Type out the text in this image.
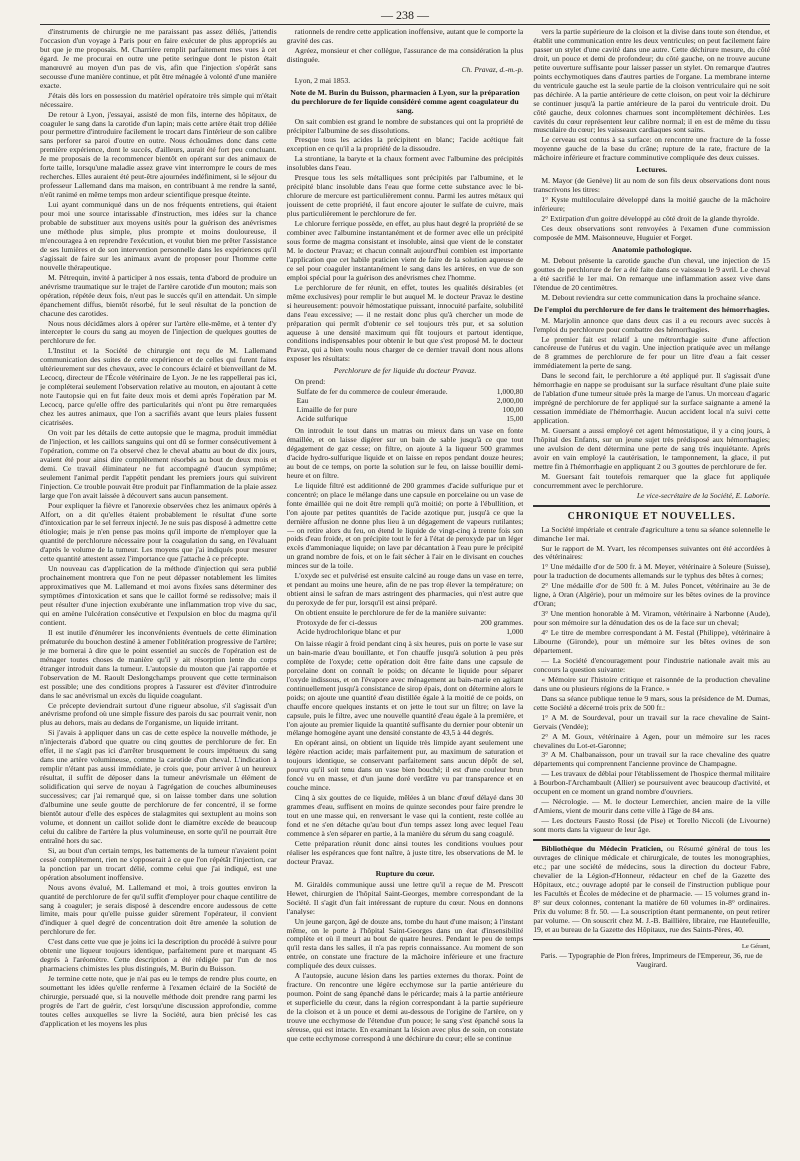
— 238 —

d'instruments de chirurgie ne me paraissant pas assez déliés, j'attendis l'occasion d'un voyage à Paris pour en faire exécuter de plus appropriés au but que je me proposais. M. Charrière remplit parfaitement mes vues à cet égard. Je me procurai en outre une petite seringue dont le piston était manœuvré au moyen d'un pas de vis, afin que l'injection s'opérât sans secousse d'une manière continue, et pût être ménagée à volonté d'une manière exacte.

J'étais dès lors en possession du matériel opératoire très simple qui m'était nécessaire.

De retour à Lyon, j'essayai, assisté de mon fils, interne des hôpitaux, de coaguler le sang dans la carotide d'un lapin; mais cette artère était trop déliée pour permettre d'introduire facilement le trocart dans l'intérieur de son calibre sans perforer sa paroi d'outre en outre. Nous échouâmes donc dans cette première expérience, dont le succès, d'ailleurs, aurait été fort peu concluant. Je me proposais de la recommencer bientôt en opérant sur des animaux de forte taille, lorsqu'une maladie assez grave vint interrompre le cours de mes recherches. Elles auraient été peut-être ajournées indéfiniment, si le séjour du professeur Lallemand dans ma maison, en contribuant à me rendre la santé, n'eût ranimé en même temps mon ardeur scientifique presque éteinte.

Lui ayant communiqué dans un de nos fréquents entretiens, qui étaient pour moi une source intarissable d'instruction, mes idées sur la chance probable de substituer aux moyens usités pour la guérison des anévrismes une méthode plus simple, plus prompte et moins douloureuse, il m'encouragea à en reprendre l'exécution, et voulut bien me prêter l'assistance de ses lumières et de son intervention personnelle dans les expériences qu'il s'agissait de faire sur les animaux avant de proposer pour l'homme cette nouvelle thérapeutique.

M. Pétrequin, invité à participer à nos essais, tenta d'abord de produire un anévrisme traumatique sur le trajet de l'artère carotide d'un mouton; mais son opération, répétée deux fois, n'eut pas le succès qu'il en attendait. Un simple épanchement diffus, bientôt résorbé, fut le seul résultat de la ponction de chacune des carotides.

Nous nous décidâmes alors à opérer sur l'artère elle-même, et à tenter d'y intercepter le cours du sang au moyen de l'injection de quelques gouttes de perchlorure de fer.

L'Institut et la Société de chirurgie ont reçu de M. Lallemand communication des suites de cette expérience et de celles qui furent faites ultérieurement sur des chevaux, avec le concours éclairé et bienveillant de M. Lecocq, directeur de l'École vétérinaire de Lyon. Je ne les rappellerai pas ici, je compléterai seulement l'observation relative au mouton, en ajoutant à cette note l'autopsie qui en fut faite deux mois et demi après l'opération par M. Lecocq, parce qu'elle offre des particularités qui n'ont pu être remarquées chez les autres animaux, que l'on a sacrifiés avant que leurs plaies fussent cicatrisées.

On voit par les détails de cette autopsie que le magma, produit immédiat de l'injection, et les caillots sanguins qui ont dû se former consécutivement à l'opération, comme on l'a observé chez le cheval abattu au bout de dix jours, avaient été pour ainsi dire complètement résorbés au bout de deux mois et demi. Ce travail éliminateur ne fut accompagné d'aucun symptôme; seulement l'animal perdit l'appétit pendant les premiers jours qui suivirent l'injection. Ce trouble pouvait être produit par l'inflammation de la plaie assez large que l'on avait laissée à découvert sans aucun pansement.

Pour expliquer la fièvre et l'anorexie observées chez les animaux opérés à Alfort, on a dit qu'elles étaient probablement le résultat d'une sorte d'intoxication par le sel ferreux injecté. Je ne suis pas disposé à admettre cette étiologie; mais je n'en pense pas moins qu'il importe de n'employer que la quantité de perchlorure nécessaire pour la coagulation du sang, en l'évaluant d'après le volume de la tumeur. Les moyens que j'ai indiqués pour mesurer cette quantité attestent assez l'importance que j'attache à ce précepte.

Un nouveau cas d'application de la méthode d'injection qui sera publié prochainement montrera que l'on ne peut dépasser notablement les limites approximatives que M. Lallemand et moi avons fixées sans déterminer des symptômes d'intoxication et sans que le caillot formé se redissolve; mais il peut résulter d'une injection exubérante une inflammation trop vive du sac, qui en amène l'ulcération consécutive et l'expulsion en bloc du magma qu'il contient.

Il est inutile d'énumérer les inconvénients éventuels de cette élimination prématurée du bouchon destiné à amener l'oblitération progressive de l'artère; je me bornerai à dire que le point essentiel au succès de l'opération est de ménager toutes choses de manière qu'il y ait résorption lente du corps étranger introduit dans la tumeur. L'autopsie du mouton que j'ai rapportée et l'observation de M. Raoult Deslongchamps prouvent que cette terminaison est possible; une des conditions propres à l'assurer est d'éviter d'introduire dans le sac anévrismal un excès du liquide coagulant.

Ce précepte deviendrait surtout d'une rigueur absolue, s'il s'agissait d'un anévrisme profond où une simple fissure des parois du sac pourrait venir, non plus au dehors, mais au dedans de l'organisme, un liquide irritant.

Si j'avais à appliquer dans un cas de cette espèce la nouvelle méthode, je n'injecterais d'abord que quatre ou cinq gouttes de perchlorure de fer. En effet, il ne s'agit pas ici d'arrêter brusquement le cours impétueux du sang dans une artère volumineuse, comme la carotide d'un cheval. L'indication à remplir n'étant pas aussi immédiate, je crois que, pour arriver à un heureux résultat, il suffit de déposer dans la tumeur anévrismale un élément de solidification qui serve de noyau à l'agrégation de couches albumineuses successives; car j'ai remarqué que, si on laisse tomber dans une solution d'albumine une seule goutte de perchlorure de fer concentré, il se forme bientôt autour d'elle des espèces de stalagmites qui sextuplent au moins son volume, et donnent un caillot solide dont le diamètre excède de beaucoup celui du calibre de l'artère la plus volumineuse, en sorte qu'il ne pourrait être entraîné hors du sac.

Si, au bout d'un certain temps, les battements de la tumeur n'avaient point cessé complètement, rien ne s'opposerait à ce que l'on répétât l'injection, car la ponction par un trocart délié, comme celui que j'ai indiqué, est une opération absolument inoffensive.

Nous avons évalué, M. Lallemand et moi, à trois gouttes environ la quantité de perchlorure de fer qu'il suffit d'employer pour chaque centilitre de sang à coaguler; je serais disposé à descendre encore audessous de cette limite, mais pour qu'elle puisse guider sûrement l'opérateur, il convient d'indiquer à quel degré de concentration doit être amenée la solution de perchlorure de fer.

C'est dans cette vue que je joins ici la description du procédé à suivre pour obtenir une liqueur toujours identique, parfaitement pure et marquant 45 degrés à l'aréomètre. Cette description a été rédigée par l'un de nos pharmaciens chimistes les plus distingués, M. Burin du Buisson.

Je termine cette note, que je n'ai pas eu le temps de rendre plus courte, en soumettant les idées qu'elle renferme à l'examen éclairé de la Société de chirurgie, persuadé que, si la nouvelle méthode doit prendre rang parmi les progrès de l'art de guérir, c'est lorsqu'une discussion approfondie, comme toutes celles auxquelles se livre la Société, aura bien précisé les cas d'application et les moyens les plus

rationnels de rendre cette application inoffensive, autant que le comporte la gravité des cas.

Agréez, monsieur et cher collègue, l'assurance de ma considération la plus distinguée.

Ch. Pravaz, d.-m.-p.

Lyon, 2 mai 1853.

Note de M. Burin du Buisson, pharmacien à Lyon, sur la préparation du perchlorure de fer liquide considéré comme agent coagulateur du sang.

On sait combien est grand le nombre de substances qui ont la propriété de précipiter l'albumine de ses dissolutions.

Presque tous les acides la précipitent en blanc; l'acide acétique fait exception en ce qu'il a la propriété de la dissoudre.

La strontiane, la baryte et la chaux forment avec l'albumine des précipités insolubles dans l'eau.

Presque tous les sels métalliques sont précipités par l'albumine, et le précipité blanc insoluble dans l'eau que forme cette substance avec le bi-chlorure de mercure est particulièrement connu. Parmi les autres métaux qui jouissent de cette propriété, il faut encore ajouter le sulfate de cuivre, mais plus particulièrement le perchlorure de fer.

Le chlorure ferrique possède, en effet, au plus haut degré la propriété de se combiner avec l'albumine instantanément et de former avec elle un précipité sous forme de magma consistant et insoluble, ainsi que vient de le constater M. le docteur Pravaz; et chacun connaît aujourd'hui combien est importante l'application que cet habile praticien vient de faire de la solution aqueuse de ce sel pour coaguler instantanément le sang dans les artères, en vue de son emploi spécial pour la guérison des anévrismes chez l'homme.

Le perchlorure de fer réunit, en effet, toutes les qualités désirables (et même exclusives) pour remplir le but auquel M. le docteur Pravaz le destine si heureusement: pouvoir hémostatique puissant, innocuité parfaite, solubilité dans l'eau excessive; — il ne restait donc plus qu'à chercher un mode de préparation qui permît d'obtenir ce sel toujours très pur, et sa solution aqueuse à une densité maximum qui fût toujours et partout identique, conditions indispensables pour obtenir le but que s'est proposé M. le docteur Pravaz, qui a bien voulu nous charger de ce dernier travail dont nous allons exposer les résultats:

Perchlorure de fer liquide du docteur Pravaz.

On prend:

Sulfate de fer du commerce de couleur émeraude.	1,000,80
Eau	2,000,00
Limaille de fer pure	100,00
Acide sulfurique	15,00

On introduit le tout dans un matras ou mieux dans un vase en fonte émaillée, et on laisse digérer sur un bain de sable jusqu'à ce que tout dégagement de gaz cesse; on filtre, on ajoute à la liqueur 500 grammes d'acide hydro-sulfurique liquide et on laisse en repos pendant douze heures; au bout de ce temps, on porte la solution sur le feu, on laisse bouillir demi-heure et on filtre.

Le liquide filtré est additionné de 200 grammes d'acide sulfurique pur et concentré; on place le mélange dans une capsule en porcelaine ou un vase de fonte émaillée qui ne doit être rempli qu'à moitié; on porte à l'ébullition, et l'on ajoute par petites quantités de l'acide azotique pur, jusqu'à ce que la dernière affusion ne donne plus lieu à un dégagement de vapeurs rutilantes; — on retire alors du feu, on étend le liquide de vingt-cinq à trente fois son poids d'eau froide, et on précipite tout le fer à l'état de peroxyde par un léger excès d'ammoniaque liquide; on lave par décantation à l'eau pure le précipité un grand nombre de fois, et on le fait sécher à l'air en le divisant en couches minces sur de la toile.

L'oxyde sec et pulvérisé est ensuite calciné au rouge dans un vase en terre, et pendant au moins une heure, afin de ne pas trop élever la température; on obtient ainsi le safran de mars astringent des pharmacies, qui n'est autre que du peroxyde de fer pur, lorsqu'il est ainsi préparé.

On obtient ensuite le perchlorure de fer de la manière suivante:

Protoxyde de fer ci-dessus	200 grammes.
Acide hydrochlorique blanc et pur	1,000

On laisse réagir à froid pendant cinq à six heures, puis on porte le vase sur un bain-marie d'eau bouillante, et l'on chauffe jusqu'à solution à peu près complète de l'oxyde; cette opération doit être faite dans une capsule de porcelaine dont on connaît le poids; on décante le liquide pour séparer l'oxyde indissous, et on l'évapore avec ménagement au bain-marie en agitant continuellement jusqu'à consistance de sirop épais, dont on détermine alors le poids; on ajoute une quantité d'eau distillée égale à la moitié de ce poids, on chauffe encore quelques instants et on jette le tout sur un filtre; on lave la capsule, puis le filtre, avec une nouvelle quantité d'eau égale à la première, et l'on ajoute au premier liquide la quantité suffisante du dernier pour obtenir un mélange homogène ayant une densité constante de 43,5 à 44 degrés.

En opérant ainsi, on obtient un liquide très limpide ayant seulement une légère réaction acide; mais parfaitement pur, au maximum de saturation et toujours identique, se conservant parfaitement sans aucun dépôt de sel, pourvu qu'il soit tenu dans un vase bien bouché; il est d'une couleur brun foncé vu en masse, et d'un jaune doré verdâtre vu par transparence et en couche mince.

Cinq à six gouttes de ce liquide, mêlées à un blanc d'œuf délayé dans 30 grammes d'eau, suffisent en moins de quinze secondes pour faire prendre le tout en une masse qui, en renversant le vase qui la contient, reste collée au fond et ne s'en détache qu'au bout d'un temps assez long avec lequel l'eau commence à s'en séparer en partie, à la manière du sérum du sang coagulé.

Cette préparation réunit donc ainsi toutes les conditions voulues pour réaliser les espérances que font naître, à juste titre, les observations de M. le docteur Pravaz.

Rupture du cœur.

M. Giraldès communique aussi une lettre qu'il a reçue de M. Prescott Hewet, chirurgien de l'hôpital Saint-Georges, membre correspondant de la Société. Il s'agit d'un fait intéressant de rupture du cœur. Nous en donnons l'analyse:

Un jeune garçon, âgé de douze ans, tombe du haut d'une maison; à l'instant même, on le porte à l'hôpital Saint-Georges dans un état d'insensibilité complète et où il meurt au bout de quatre heures. Pendant le peu de temps qu'il resta dans les salles, il n'a pas repris connaissance. Au moment de son entrée, on constate une fracture de la mâchoire inférieure et une fracture compliquée des deux cuisses.

A l'autopsie, aucune lésion dans les parties externes du thorax. Point de fracture. On rencontre une légère ecchymose sur la partie antérieure du poumon. Point de sang épanché dans le péricarde; mais à la partie antérieure et superficielle du cœur, dans la région correspondant à la partie supérieure de la cloison et à un pouce et demi au-dessous de l'origine de l'artère, on y trouve une ecchymose de l'étendue d'un pouce; le sang s'est épanché sous la séreuse, qui est intacte. En examinant la lésion avec plus de soin, on constate que cette ecchymose correspond à une déchirure du cœur; elle se continue

vers la partie supérieure de la cloison et la divise dans toute son étendue, et établit une communication entre les deux ventricules; on peut facilement faire passer un stylet d'une cavité dans une autre. Cette déchirure mesure, du côté droit, un pouce et demi de profondeur; du côté gauche, on ne trouve aucune petite ouverture suffisante pour laisser passer un stylet. On remarque d'autres points ecchymotiques dans d'autres parties de l'organe. La membrane interne du ventricule gauche est la seule partie de la cloison ventriculaire qui ne soit pas déchirée. A la partie antérieure de cette cloison, on peut voir la déchirure se continuer jusqu'à la partie antérieure de la paroi du ventricule droit. Du côté gauche, deux colonnes charnues sont incomplètement déchirées. Les cavités du cœur représentent leur calibre normal; il en est de même du tissu musculaire du cœur; les vaisseaux cardiaques sont sains.

Le cerveau est contus à sa surface: on rencontre une fracture de la fosse moyenne gauche de la base du crâne; rupture de la rate, fracture de la mâchoire inférieure et fracture comminutive compliquée des deux cuisses.

Lectures.

M. Mayor (de Genève) lit au nom de son fils deux observations dont nous transcrivons les titres:

1° Kyste multiloculaire développé dans la moitié gauche de la mâchoire inférieure;

2° Extirpation d'un goitre développé au côté droit de la glande thyroïde.

Ces deux observations sont renvoyées à l'examen d'une commission composée de MM. Maisonneuve, Huguier et Forget.

Anatomie pathologique.

M. Debout présente la carotide gauche d'un cheval, une injection de 15 gouttes de perchlorure de fer a été faite dans ce vaisseau le 9 avril. Le cheval a été sacrifié le 1er mai. On remarque une inflammation assez vive dans l'étendue de 20 centimètres.

M. Debout reviendra sur cette communication dans la prochaine séance.

De l'emploi du perchlorure de fer dans le traitement des hémorrhagies.

M. Marjolin annonce que dans deux cas il a eu recours avec succès à l'emploi du perchlorure pour combattre des hémorrhagies.

Le premier fait est relatif à une métrorrhagie suite d'une affection cancéreuse de l'utérus et du vagin. Une injection pratiquée avec un mélange de 8 grammes de perchlorure de fer pour un litre d'eau a fait cesser immédiatement la perte de sang.

Dans le second fait, le perchlorure a été appliqué pur. Il s'agissait d'une hémorrhagie en nappe se produisant sur la surface résultant d'une plaie suite de l'ablation d'une tumeur située près la marge de l'anus. Un morceau d'agaric imprégné de perchlorure de fer appliqué sur la surface saignante a amené la cessation immédiate de l'hémorrhagie. Aucun accident local n'a suivi cette application.

M. Guersant a aussi employé cet agent hémostatique, il y a cinq jours, à l'hôpital des Enfants, sur un jeune sujet très prédisposé aux hémorrhagies; une avulsion de dent détermina une perte de sang très inquiétante. Après avoir en vain employé la cautérisation, le tamponnement, la glace, il put mettre fin à l'hémorrhagie en appliquant 2 ou 3 gouttes de perchlorure de fer.

M. Guersant fait toutefois remarquer que la glace fut appliquée concurremment avec le perchlorure.

Le vice-secrétaire de la Société, E. Laborie.
CHRONIQUE ET NOUVELLES.

La Société impériale et centrale d'agriculture a tenu sa séance solennelle le dimanche 1er mai.

Sur le rapport de M. Yvart, les récompenses suivantes ont été accordées à des vétérinaires:

1° Une médaille d'or de 500 fr. à M. Meyer, vétérinaire à Soleure (Suisse), pour la traduction de documents allemands sur le typhus des bêtes à cornes;

2° Une médaille d'or de 500 fr. à M. Jules Poncet, vétérinaire au 3e de ligne, à Oran (Algérie), pour un mémoire sur les bêtes ovines de la province d'Oran;

3° Une mention honorable à M. Viramon, vétérinaire à Narbonne (Aude), pour son mémoire sur la dénudation des os de la face sur un cheval;

4° Le titre de membre correspondant à M. Festal (Philippe), vétérinaire à Libourne (Gironde), pour un mémoire sur les bêtes ovines de son département.

— La Société d'encouragement pour l'industrie nationale avait mis au concours la question suivante:

« Mémoire sur l'histoire critique et raisonnée de la production chevaline dans une ou plusieurs régions de la France. »

Dans sa séance publique tenue le 9 mars, sous la présidence de M. Dumas, cette Société a décerné trois prix de 500 fr.:

1° A M. de Sourdeval, pour un travail sur la race chevaline de Saint-Gervais (Vendée);

2° A M. Goux, vétérinaire à Agen, pour un mémoire sur les races chevalines du Lot-et-Garonne;

3° A M. Chalbanaisson, pour un travail sur la race chevaline des quatre départements qui comprennent l'ancienne province de Champagne.

— Les travaux de déblai pour l'établissement de l'hospice thermal militaire à Bourbon-l'Archambault (Allier) se poursuivent avec beaucoup d'activité, et occupent en ce moment un grand nombre d'ouvriers.

— Nécrologie. — M. le docteur Lemerchier, ancien maire de la ville d'Amiens, vient de mourir dans cette ville à l'âge de 84 ans.

— Les docteurs Fausto Rossi (de Pise) et Torello Niccoli (de Livourne) sont morts dans la vigueur de leur âge.

Bibliothèque du Médecin Praticien, ou Résumé général de tous les ouvrages de clinique médicale et chirurgicale, de toutes les monographies, etc.; par une société de médecins, sous la direction du docteur Fabre, chevalier de la Légion-d'Honneur, rédacteur en chef de la Gazette des Hôpitaux, etc.; ouvrage adopté par le conseil de l'instruction publique pour les Facultés et Écoles de médecine et de pharmacie. — 15 volumes grand in-8° sur deux colonnes, contenant la matière de 60 volumes in-8° ordinaires. Prix du volume: 8 fr. 50. — La souscription étant permanente, on peut retirer par volume. — On souscrit chez M. J.-B. Baillière, libraire, rue Hautefeuille, 19, et au bureau de la Gazette des Hôpitaux, rue des Saints-Pères, 40.

Le Gérant,
Paris. — Typographie de Plon frères, Imprimeurs de l'Empereur, 36, rue de Vaugirard.
